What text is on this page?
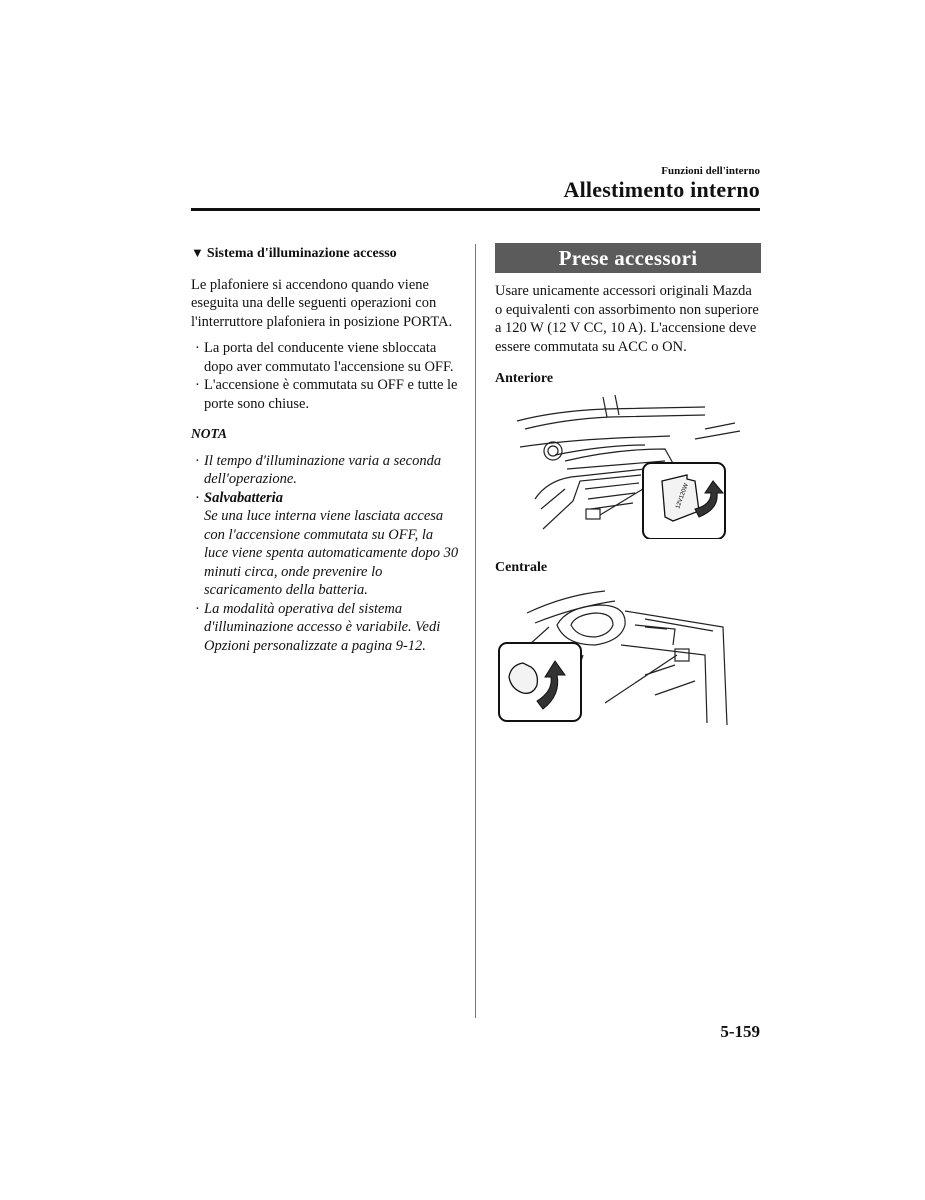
Funzioni dell'interno
Allestimento interno
▼ Sistema d'illuminazione accesso

Le plafoniere si accendono quando viene eseguita una delle seguenti operazioni con l'interruttore plafoniera in posizione PORTA.

· La porta del conducente viene sbloccata dopo aver commutato l'accensione su OFF.
· L'accensione è commutata su OFF e tutte le porte sono chiuse.
NOTA
· Il tempo d'illuminazione varia a seconda dell'operazione.
· Salvabatteria
Se una luce interna viene lasciata accesa con l'accensione commutata su OFF, la luce viene spenta automaticamente dopo 30 minuti circa, onde prevenire lo scaricamento della batteria.
· La modalità operativa del sistema d'illuminazione accesso è variabile. Vedi Opzioni personalizzate a pagina 9-12.
Prese accessori

Usare unicamente accessori originali Mazda o equivalenti con assorbimento non superiore a 120 W (12 V CC, 10 A). L'accensione deve essere commutata su ACC o ON.

Anteriore

12V120W

Centrale

5-159
